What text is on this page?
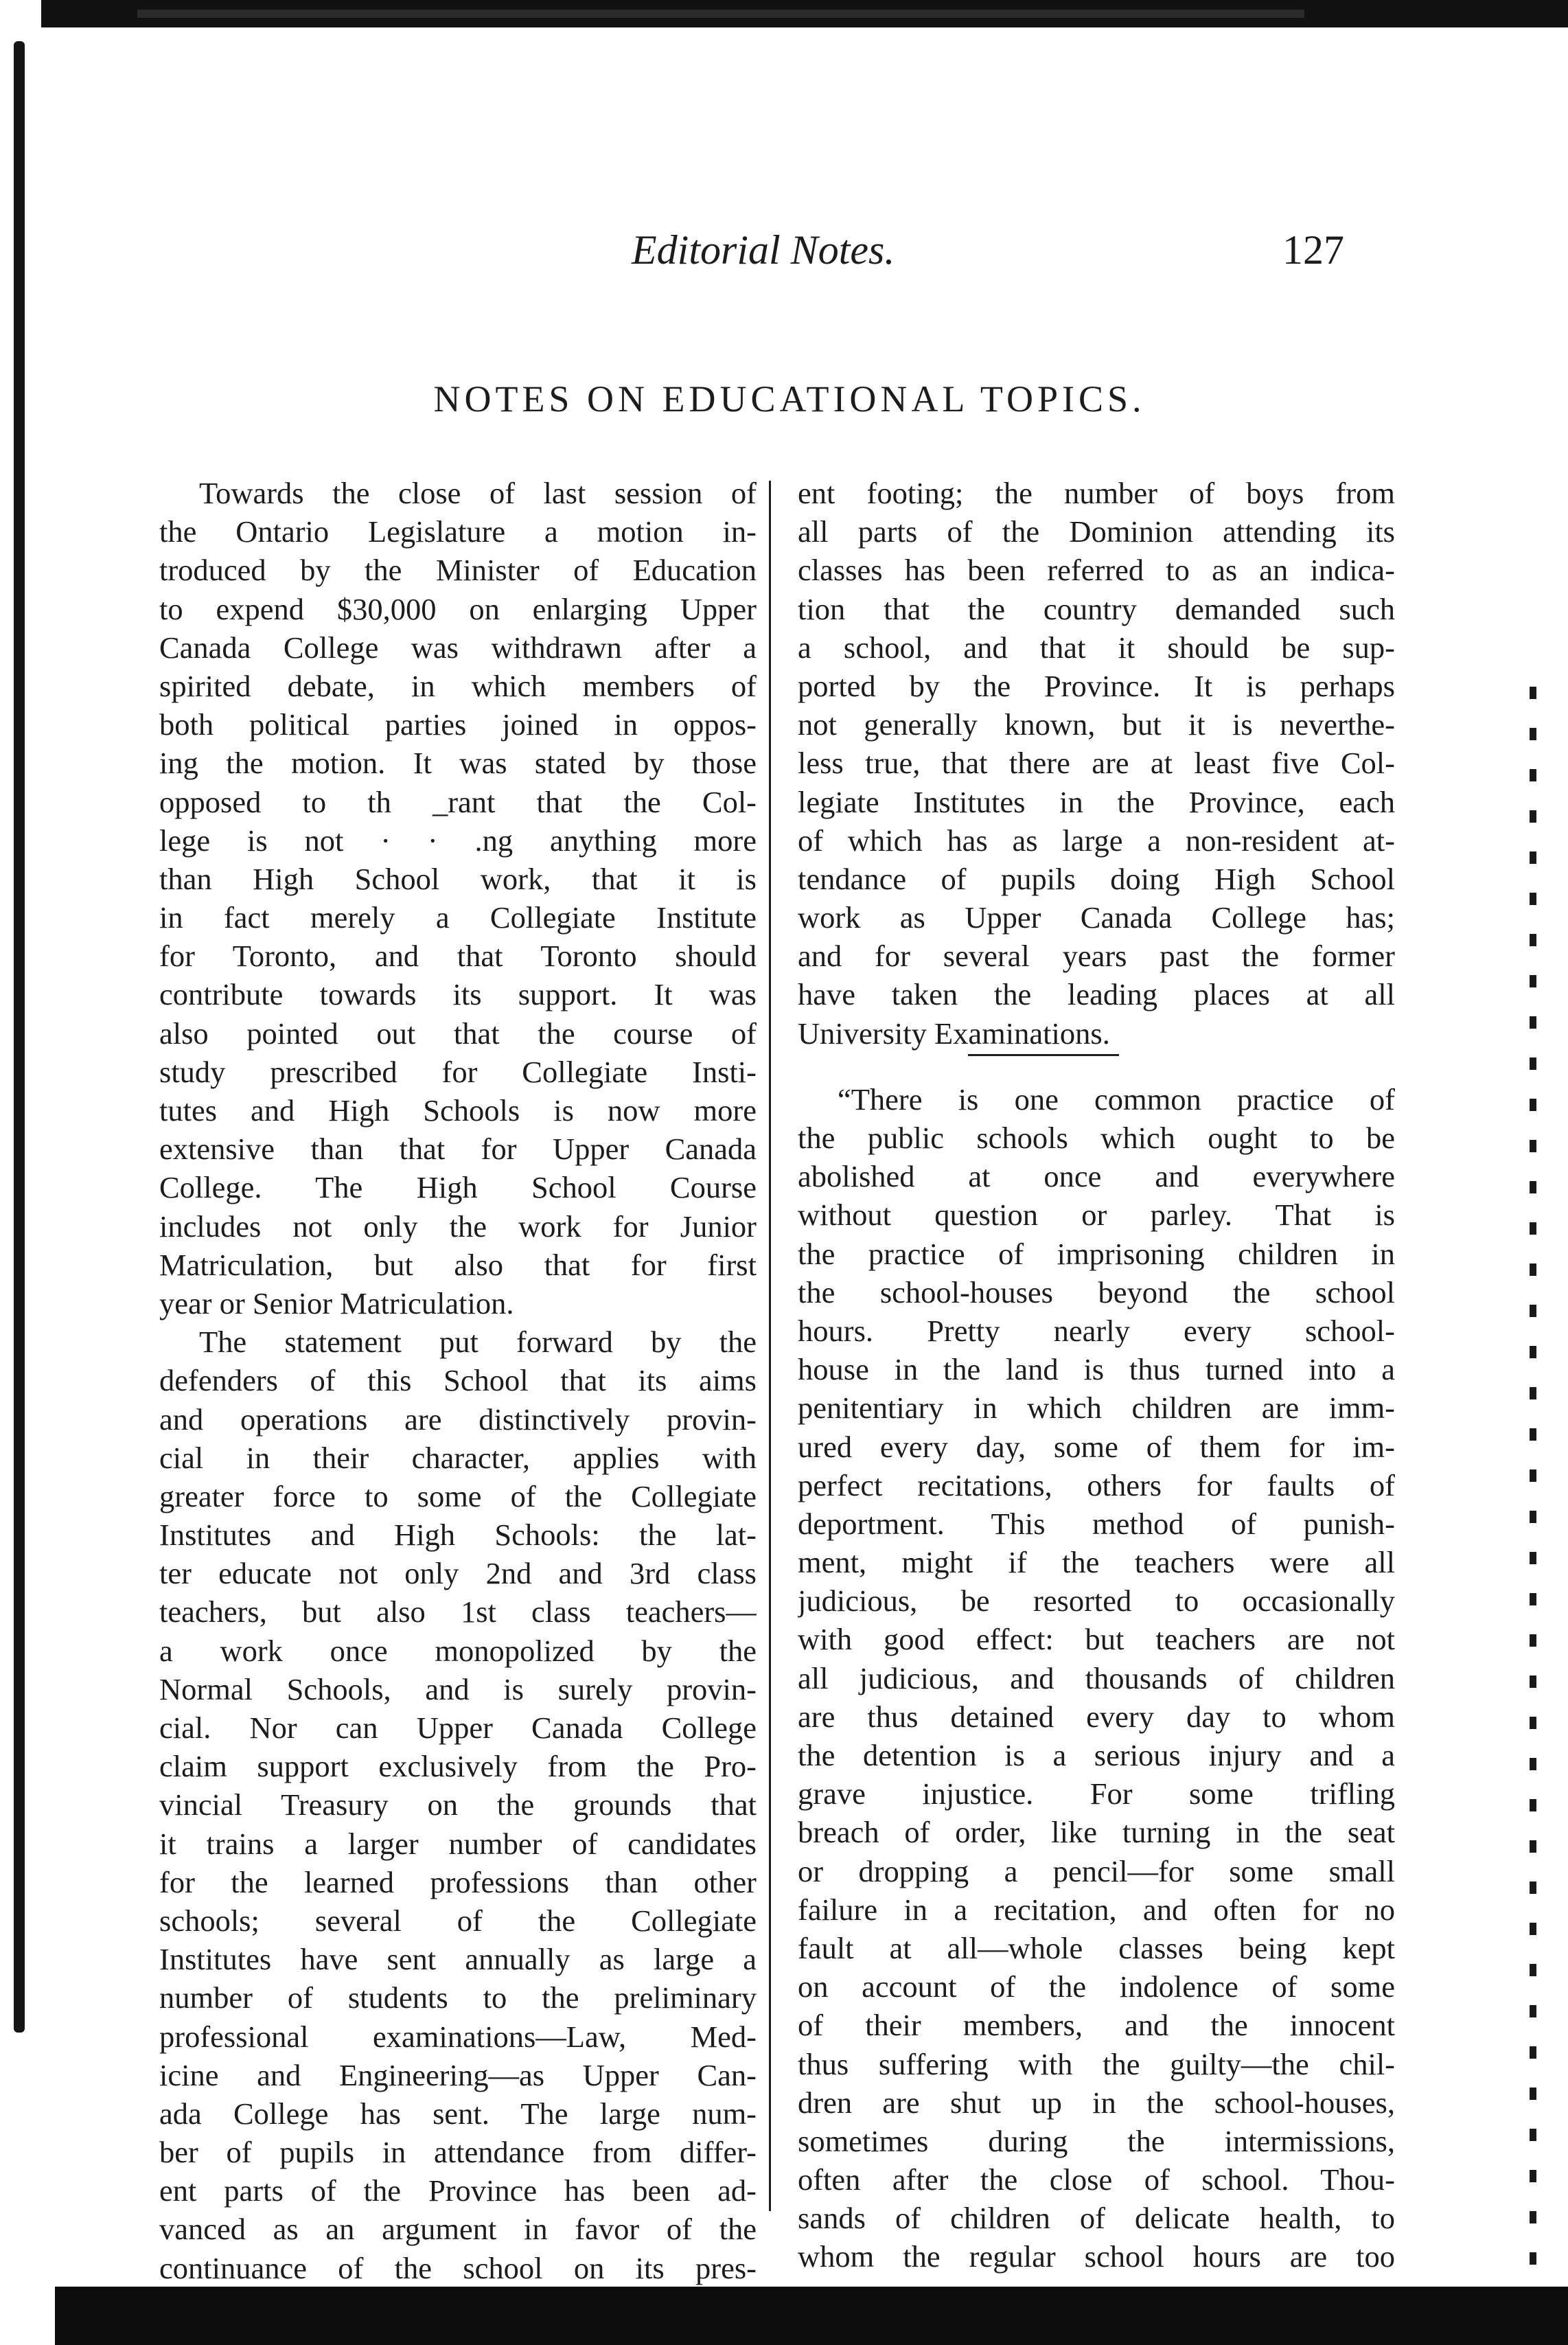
Editorial Notes.	127
NOTES ON EDUCATIONAL TOPICS.
Towards the close of last session of
the Ontario Legislature a motion in-
troduced by the Minister of Education
to expend $30,000 on enlarging Upper
Canada College was withdrawn after a
spirited debate, in which members of
both political parties joined in oppos-
ing the motion. It was stated by those
opposed to th _rant that the Col-
lege is not · · .ng anything more
than High School work, that it is
in fact merely a Collegiate Institute
for Toronto, and that Toronto should
contribute towards its support. It was
also pointed out that the course of
study prescribed for Collegiate Insti-
tutes and High Schools is now more
extensive than that for Upper Canada
College. The High School Course
includes not only the work for Junior
Matriculation, but also that for first
year or Senior Matriculation.
The statement put forward by the
defenders of this School that its aims
and operations are distinctively provin-
cial in their character, applies with
greater force to some of the Collegiate
Institutes and High Schools: the lat-
ter educate not only 2nd and 3rd class
teachers, but also 1st class teachers—
a work once monopolized by the
Normal Schools, and is surely provin-
cial. Nor can Upper Canada College
claim support exclusively from the Pro-
vincial Treasury on the grounds that
it trains a larger number of candidates
for the learned professions than other
schools; several of the Collegiate
Institutes have sent annually as large a
number of students to the preliminary
professional examinations—Law, Med-
icine and Engineering—as Upper Can-
ada College has sent. The large num-
ber of pupils in attendance from differ-
ent parts of the Province has been ad-
vanced as an argument in favor of the
continuance of the school on its pres-
ent footing; the number of boys from
all parts of the Dominion attending its
classes has been referred to as an indica-
tion that the country demanded such
a school, and that it should be sup-
ported by the Province. It is perhaps
not generally known, but it is neverthe-
less true, that there are at least five Col-
legiate Institutes in the Province, each
of which has as large a non-resident at-
tendance of pupils doing High School
work as Upper Canada College has;
and for several years past the former
have taken the leading places at all
University Examinations.
“There is one common practice of
the public schools which ought to be
abolished at once and everywhere
without question or parley. That is
the practice of imprisoning children in
the school-houses beyond the school
hours. Pretty nearly every school-
house in the land is thus turned into a
penitentiary in which children are imm-
ured every day, some of them for im-
perfect recitations, others for faults of
deportment. This method of punish-
ment, might if the teachers were all
judicious, be resorted to occasionally
with good effect: but teachers are not
all judicious, and thousands of children
are thus detained every day to whom
the detention is a serious injury and a
grave injustice. For some trifling
breach of order, like turning in the seat
or dropping a pencil—for some small
failure in a recitation, and often for no
fault at all—whole classes being kept
on account of the indolence of some
of their members, and the innocent
thus suffering with the guilty—the chil-
dren are shut up in the school-houses,
sometimes during the intermissions,
often after the close of school. Thou-
sands of children of delicate health, to
whom the regular school hours are too
